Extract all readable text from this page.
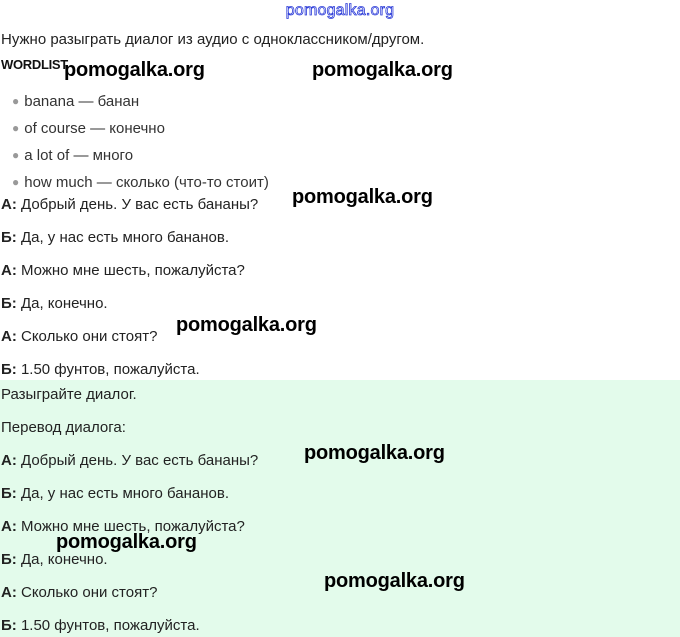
pomogalka.org
Нужно разыграть диалог из аудио с одноклассником/другом.
WORDLIST
● banana — банан
● of course — конечно
● a lot of — много
● how much — сколько (что-то стоит)
А: Добрый день. У вас есть бананы?
Б: Да, у нас есть много бананов.
А: Можно мне шесть, пожалуйста?
Б: Да, конечно.
А: Сколько они стоят?
Б: 1.50 фунтов, пожалуйста.
Разыграйте диалог.
Перевод диалога:
А: Добрый день. У вас есть бананы?
Б: Да, у нас есть много бананов.
А: Можно мне шесть, пожалуйста?
Б: Да, конечно.
А: Сколько они стоят?
Б: 1.50 фунтов, пожалуйста.
pomogalka.org	pomogalka.org
pomogalka.org
pomogalka.org
pomogalka.org
pomogalka.org
pomogalka.org
